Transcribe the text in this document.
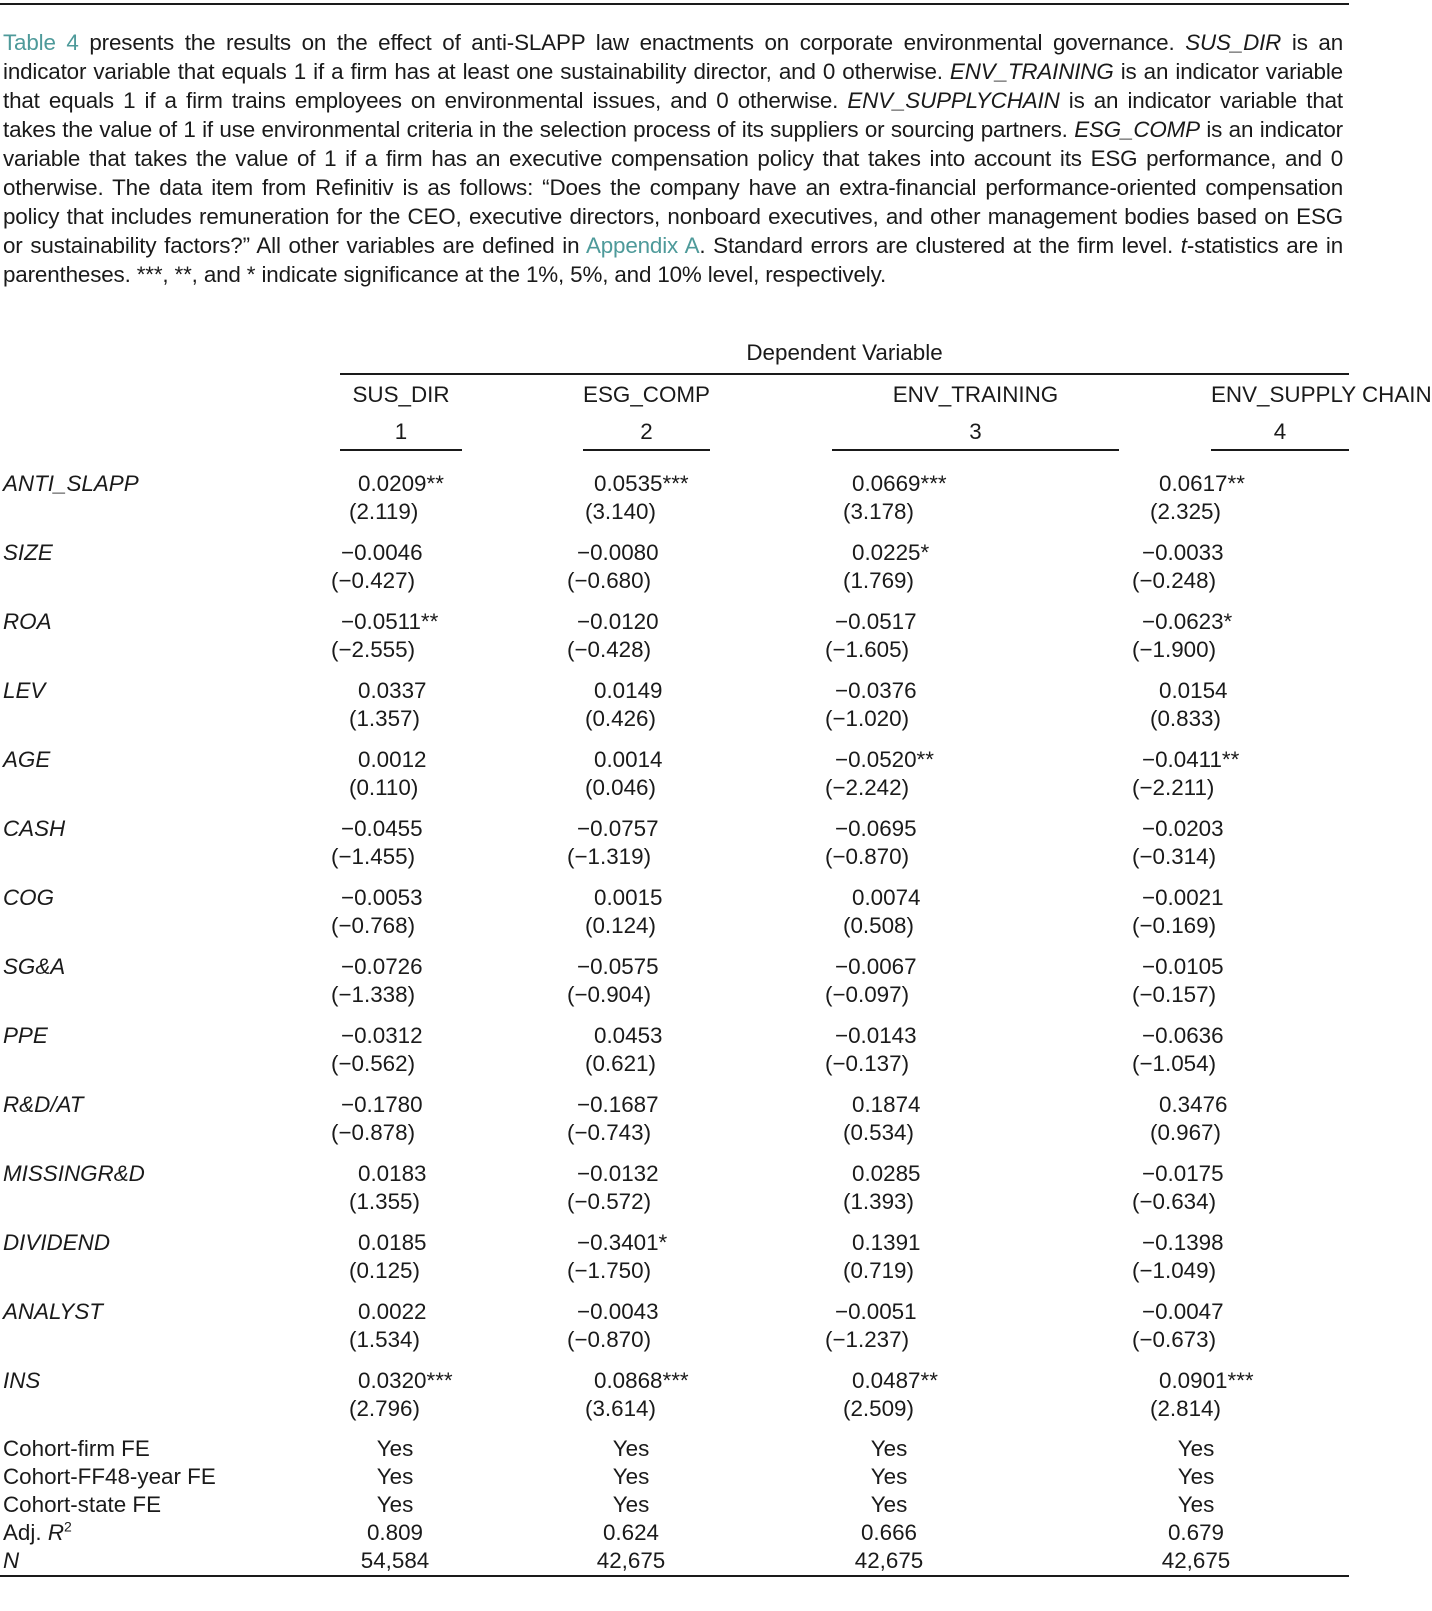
Table 4 presents the results on the effect of anti-SLAPP law enactments on corporate environmental governance. SUS_DIR is an indicator variable that equals 1 if a firm has at least one sustainability director, and 0 otherwise. ENV_TRAINING is an indicator variable that equals 1 if a firm trains employees on environmental issues, and 0 otherwise. ENV_SUPPLYCHAIN is an indicator variable that takes the value of 1 if use environmental criteria in the selection process of its suppliers or sourcing partners. ESG_COMP is an indicator variable that takes the value of 1 if a firm has an executive compensation policy that takes into account its ESG performance, and 0 otherwise. The data item from Refinitiv is as follows: “Does the company have an extra-financial performance-oriented compensation policy that includes remuneration for the CEO, executive directors, nonboard executives, and other management bodies based on ESG or sustainability factors?” All other variables are defined in Appendix A. Standard errors are clustered at the firm level. t-statistics are in parentheses. ***, **, and * indicate significance at the 1%, 5%, and 10% level, respectively.
	Dependent Variable						
	SUS_DIR		ESG_COMP		ENV_TRAINING		ENV_SUPPLY CHAIN
	1		2		3		4

ANTI_SLAPP	0.0209** 0.0535*** 0.0669*** 0.0617**						

	(2.119) (3.140) (3.178) (2.325)						

SIZE	−0.0046 −0.0080 0.0225* −0.0033						

	(−0.427) (−0.680) (1.769) (−0.248)						

ROA	−0.0511** −0.0120 −0.0517 −0.0623*						

	(−2.555) (−0.428) (−1.605) (−1.900)						

LEV	0.0337 0.0149 −0.0376 0.0154						

	(1.357) (0.426) (−1.020) (0.833)						

AGE	0.0012 0.0014 −0.0520** −0.0411**						

	(0.110) (0.046) (−2.242) (−2.211)						

CASH	−0.0455 −0.0757 −0.0695 −0.0203						

	(−1.455) (−1.319) (−0.870) (−0.314)						

COG	−0.0053 0.0015 0.0074 −0.0021						

	(−0.768) (0.124) (0.508) (−0.169)						

SG&A	−0.0726 −0.0575 −0.0067 −0.0105						

	(−1.338) (−0.904) (−0.097) (−0.157)						

PPE	−0.0312 0.0453 −0.0143 −0.0636						

	(−0.562) (0.621) (−0.137) (−1.054)						

R&D/AT	−0.1780 −0.1687 0.1874 0.3476						

	(−0.878) (−0.743) (0.534) (0.967)						

MISSINGR&D	0.0183 −0.0132 0.0285 −0.0175						

	(1.355) (−0.572) (1.393) (−0.634)						

DIVIDEND	0.0185 −0.3401* 0.1391 −0.1398						

	(0.125) (−1.750) (0.719) (−1.049)						

ANALYST	0.0022 −0.0043 −0.0051 −0.0047						

	(1.534) (−0.870) (−1.237) (−0.673)						

INS	0.0320*** 0.0868*** 0.0487** 0.0901***						

	(2.796) (3.614) (2.509) (2.814)						

Cohort-firm FE	Yes Yes Yes Yes						

Cohort-FF48-year FE	Yes Yes Yes Yes						

Cohort-state FE	Yes Yes Yes Yes						

Adj. $R^2$	0.809 0.624 0.666 0.679						

N	54,584 42,675 42,675 42,675						
